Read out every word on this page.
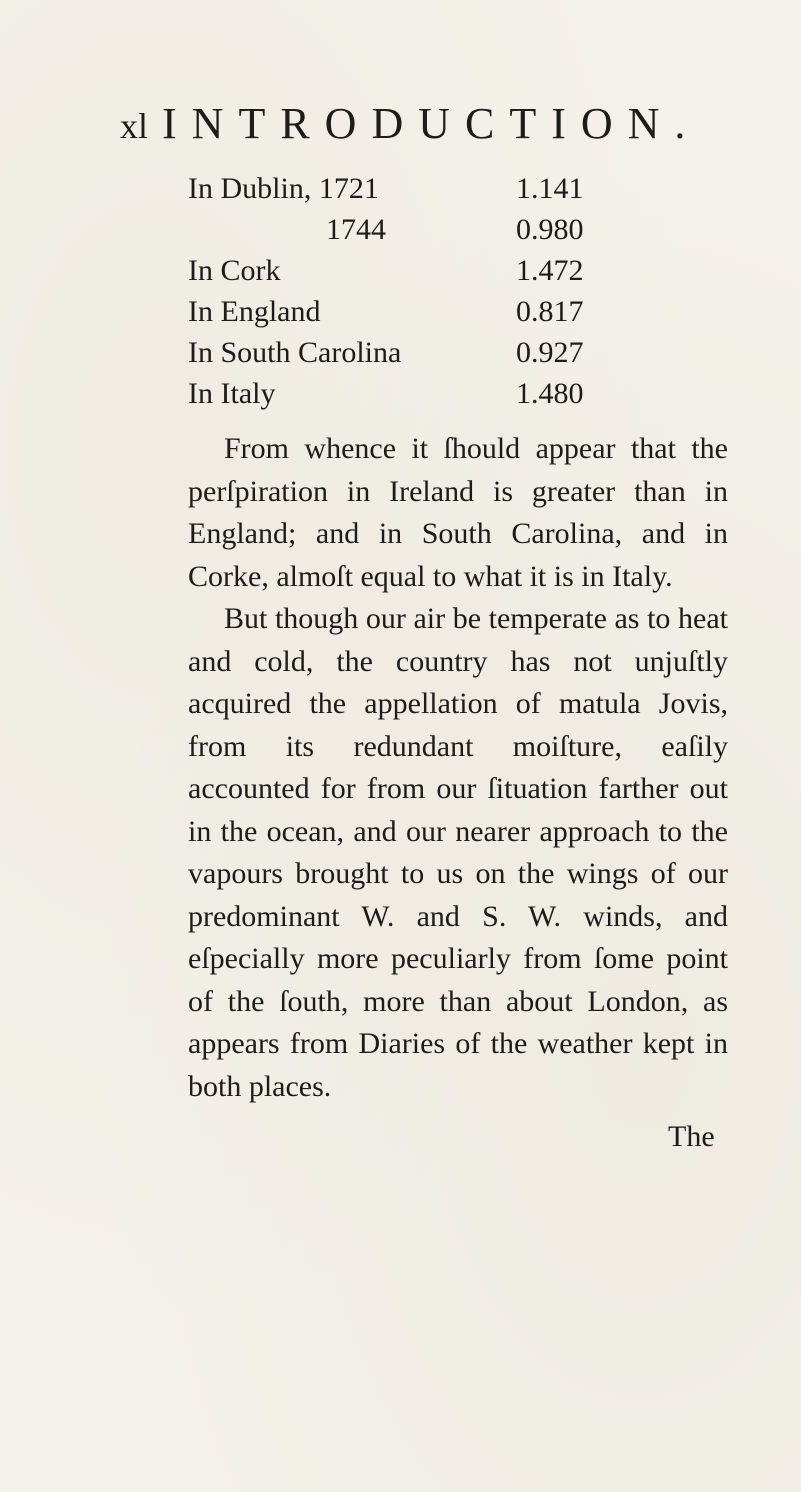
xl INTRODUCTION.
In Dublin, 1721	1.141
1744	0.980
In Cork	1.472
In England	0.817
In South Carolina	0.927
In Italy	1.480

From whence it ſhould appear that the perſpiration in Ireland is greater than in England; and in South Carolina, and in Corke, almoſt equal to what it is in Italy.

But though our air be temperate as to heat and cold, the country has not unjuſtly acquired the appellation of matula Jovis, from its redundant moiſture, eaſily accounted for from our ſituation farther out in the ocean, and our nearer approach to the vapours brought to us on the wings of our predominant W. and S. W. winds, and eſpecially more peculiarly from ſome point of the ſouth, more than about London, as appears from Diaries of the weather kept in both places.

The
